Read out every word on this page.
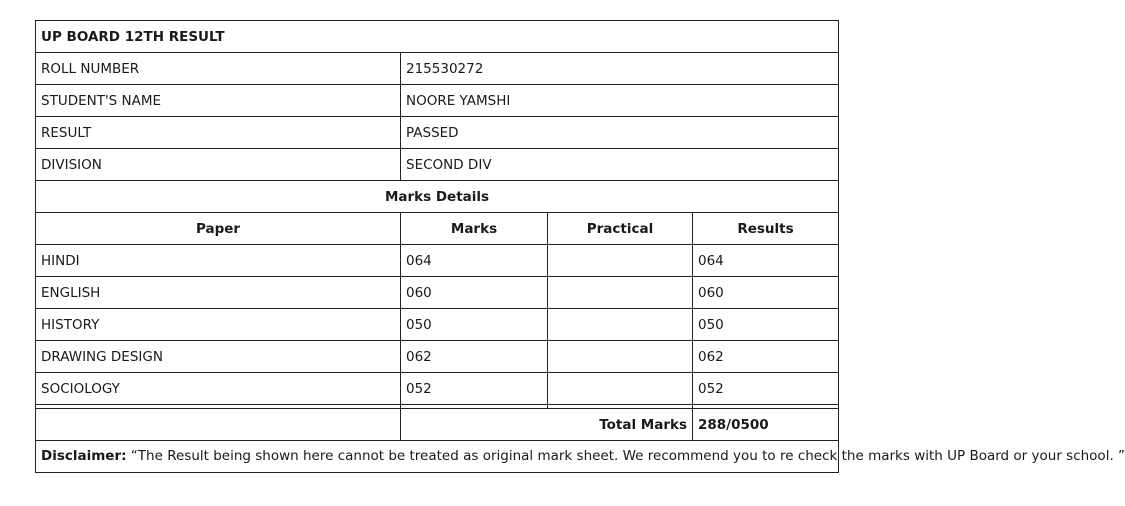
UP BOARD 12TH RESULT			
ROLL NUMBER	215530272		
STUDENT'S NAME	NOORE YAMSHI		
RESULT	PASSED		
DIVISION	SECOND DIV		
Marks Details			
Paper	Marks	Practical	Results
HINDI	064		064
ENGLISH	060		060
HISTORY	050		050
DRAWING DESIGN	062		062
SOCIOLOGY	052		052

	Total Marks		288/0500
Disclaimer: “The Result being shown here cannot be treated as original mark sheet. We recommend you to re check the marks with UP Board or your school. ”			
